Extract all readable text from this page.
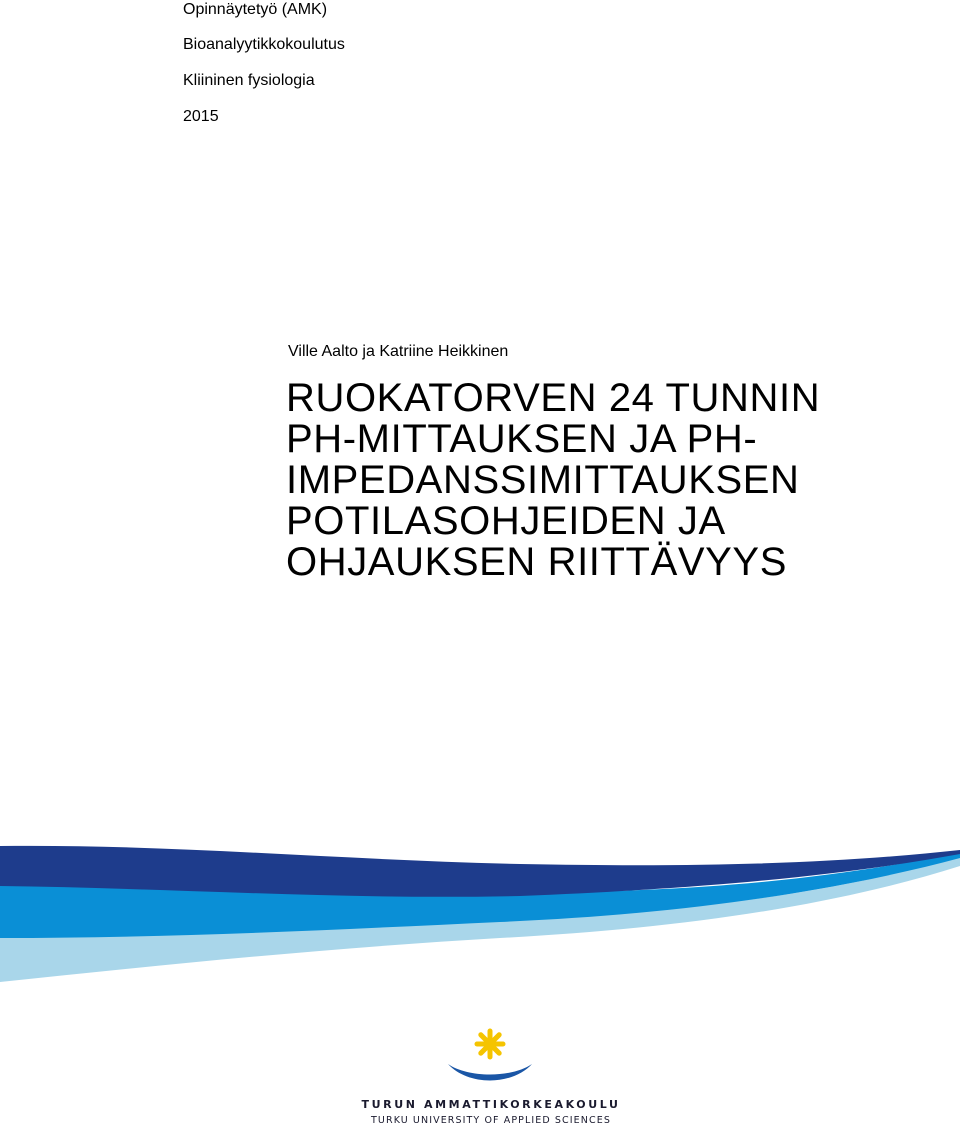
Opinnäytetyö (AMK)
Bioanalyytikkokoulutus
Kliininen fysiologia
2015
Ville Aalto ja Katriine Heikkinen
RUOKATORVEN 24 TUNNIN
PH-MITTAUKSEN JA PH-
IMPEDANSSIMITTAUKSEN
POTILASOHJEIDEN JA
OHJAUKSEN RIITTÄVYYS
TURUN AMMATTIKORKEAKOULU
TURKU UNIVERSITY OF APPLIED SCIENCES
